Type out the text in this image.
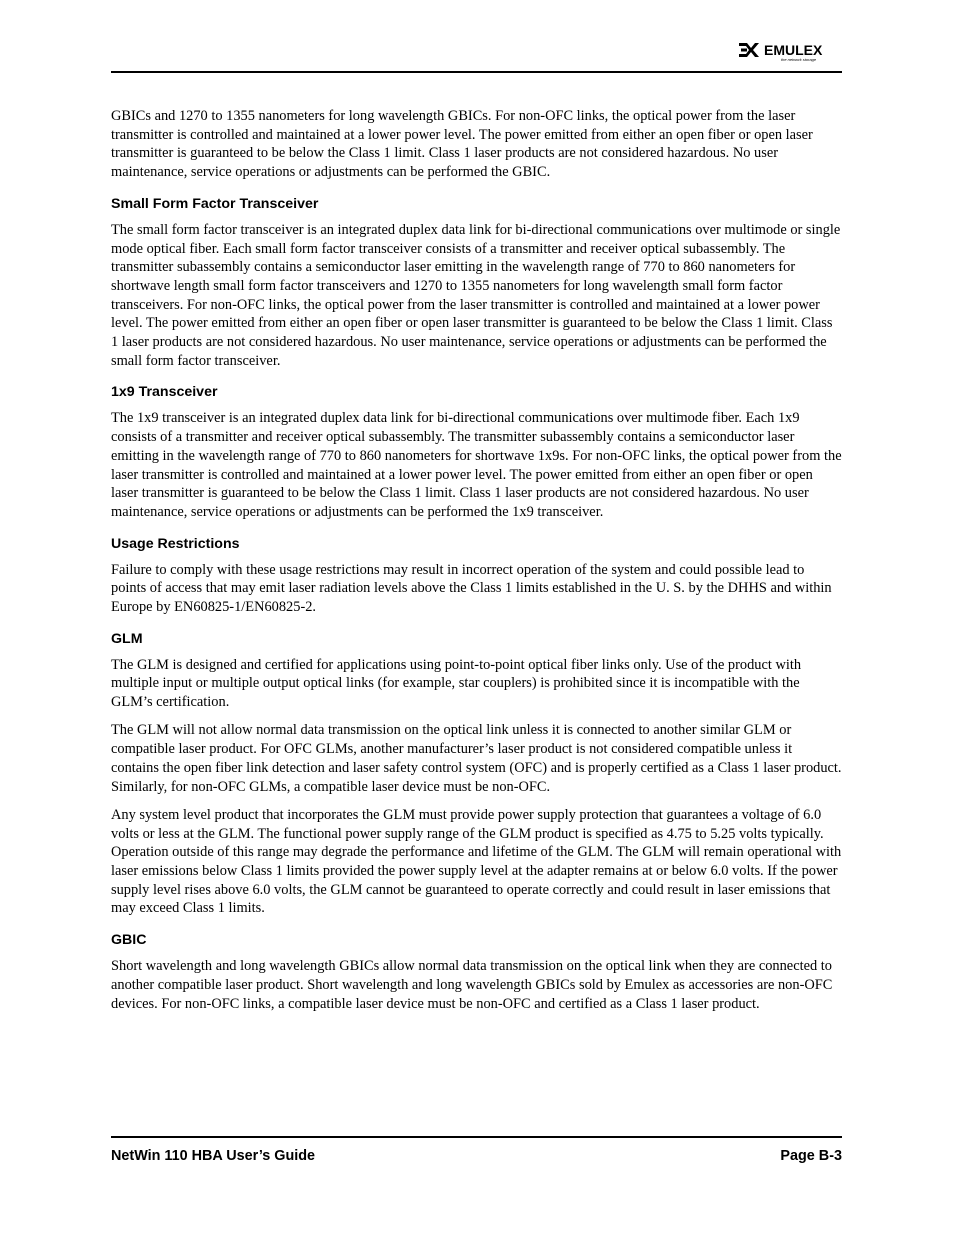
EMULEX
the network storage

GBICs and 1270 to 1355 nanometers for long wavelength GBICs. For non-OFC links, the optical power from the laser transmitter is controlled and maintained at a lower power level. The power emitted from either an open fiber or open laser transmitter is guaranteed to be below the Class 1 limit. Class 1 laser products are not considered hazardous. No user maintenance, service operations or adjustments can be performed the GBIC.

Small Form Factor Transceiver

The small form factor transceiver is an integrated duplex data link for bi-directional communications over multimode or single mode optical fiber. Each small form factor transceiver consists of a transmitter and receiver optical subassembly. The transmitter subassembly contains a semiconductor laser emitting in the wavelength range of 770 to 860 nanometers for shortwave length small form factor transceivers and 1270 to 1355 nanometers for long wavelength small form factor transceivers. For non-OFC links, the optical power from the laser transmitter is controlled and maintained at a lower power level. The power emitted from either an open fiber or open laser transmitter is guaranteed to be below the Class 1 limit. Class 1 laser products are not considered hazardous. No user maintenance, service operations or adjustments can be performed the small form factor transceiver.

1x9 Transceiver

The 1x9 transceiver is an integrated duplex data link for bi-directional communications over multimode fiber. Each 1x9 consists of a transmitter and receiver optical subassembly. The transmitter subassembly contains a semiconductor laser emitting in the wavelength range of 770 to 860 nanometers for shortwave 1x9s. For non-OFC links, the optical power from the laser transmitter is controlled and maintained at a lower power level. The power emitted from either an open fiber or open laser transmitter is guaranteed to be below the Class 1 limit. Class 1 laser products are not considered hazardous. No user maintenance, service operations or adjustments can be performed the 1x9 transceiver.

Usage Restrictions

Failure to comply with these usage restrictions may result in incorrect operation of the system and could possible lead to points of access that may emit laser radiation levels above the Class 1 limits established in the U. S. by the DHHS and within Europe by EN60825-1/EN60825-2.

GLM

The GLM is designed and certified for applications using point-to-point optical fiber links only. Use of the product with multiple input or multiple output optical links (for example, star couplers) is prohibited since it is incompatible with the GLM’s certification.

The GLM will not allow normal data transmission on the optical link unless it is connected to another similar GLM or compatible laser product. For OFC GLMs, another manufacturer’s laser product is not considered compatible unless it contains the open fiber link detection and laser safety control system (OFC) and is properly certified as a Class 1 laser product. Similarly, for non-OFC GLMs, a compatible laser device must be non-OFC.

Any system level product that incorporates the GLM must provide power supply protection that guarantees a voltage of 6.0 volts or less at the GLM. The functional power supply range of the GLM product is specified as 4.75 to 5.25 volts typically. Operation outside of this range may degrade the performance and lifetime of the GLM. The GLM will remain operational with laser emissions below Class 1 limits provided the power supply level at the adapter remains at or below 6.0 volts. If the power supply level rises above 6.0 volts, the GLM cannot be guaranteed to operate correctly and could result in laser emissions that may exceed Class 1 limits.

GBIC

Short wavelength and long wavelength GBICs allow normal data transmission on the optical link when they are connected to another compatible laser product. Short wavelength and long wavelength GBICs sold by Emulex as accessories are non-OFC devices. For non-OFC links, a compatible laser device must be non-OFC and certified as a Class 1 laser product.

NetWin 110 HBA User’s Guide	Page B-3
